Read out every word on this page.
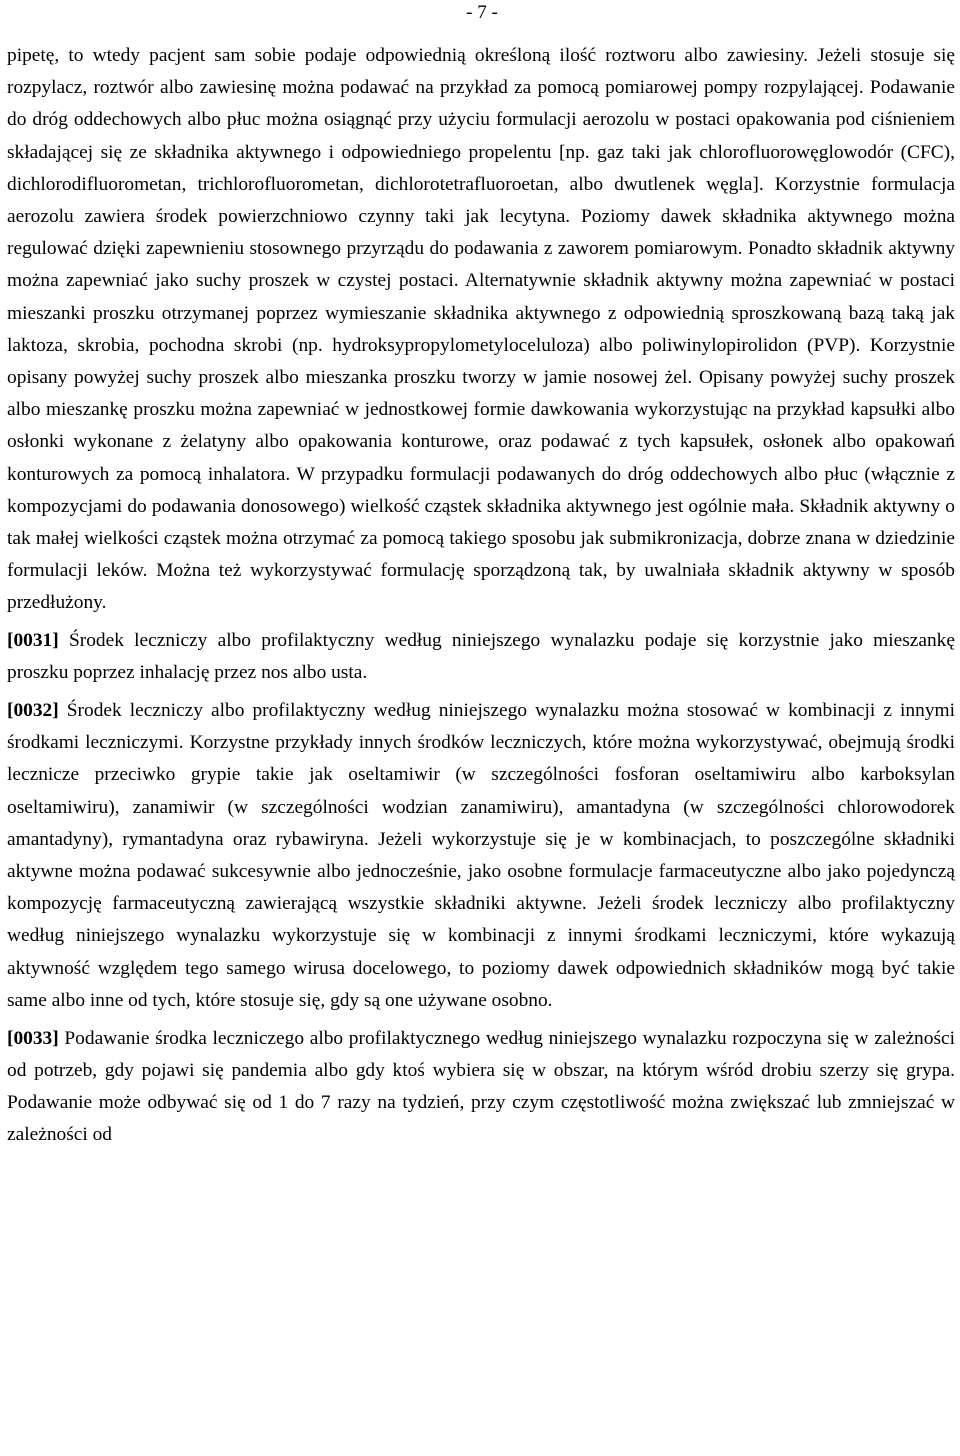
- 7 -

pipetę, to wtedy pacjent sam sobie podaje odpowiednią określoną ilość roztworu albo zawiesiny. Jeżeli stosuje się rozpylacz, roztwór albo zawiesinę można podawać na przykład za pomocą pomiarowej pompy rozpylającej. Podawanie do dróg oddechowych albo płuc można osiągnąć przy użyciu formulacji aerozolu w postaci opakowania pod ciśnieniem składającej się ze składnika aktywnego i odpowiedniego propelentu [np. gaz taki jak chlorofluorowęglowodór (CFC), dichlorodifluorometan, trichlorofluorometan, dichlorotetrafluoroetan, albo dwutlenek węgla]. Korzystnie formulacja aerozolu zawiera środek powierzchniowo czynny taki jak lecytyna. Poziomy dawek składnika aktywnego można regulować dzięki zapewnieniu stosownego przyrządu do podawania z zaworem pomiarowym. Ponadto składnik aktywny można zapewniać jako suchy proszek w czystej postaci. Alternatywnie składnik aktywny można zapewniać w postaci mieszanki proszku otrzymanej poprzez wymieszanie składnika aktywnego z odpowiednią sproszkowaną bazą taką jak laktoza, skrobia, pochodna skrobi (np. hydroksypropylometyloceluloza) albo poliwinylopirolidon (PVP). Korzystnie opisany powyżej suchy proszek albo mieszanka proszku tworzy w jamie nosowej żel. Opisany powyżej suchy proszek albo mieszankę proszku można zapewniać w jednostkowej formie dawkowania wykorzystując na przykład kapsułki albo osłonki wykonane z żelatyny albo opakowania konturowe, oraz podawać z tych kapsułek, osłonek albo opakowań konturowych za pomocą inhalatora. W przypadku formulacji podawanych do dróg oddechowych albo płuc (włącznie z kompozycjami do podawania donosowego) wielkość cząstek składnika aktywnego jest ogólnie mała. Składnik aktywny o tak małej wielkości cząstek można otrzymać za pomocą takiego sposobu jak submikronizacja, dobrze znana w dziedzinie formulacji leków. Można też wykorzystywać formulację sporządzoną tak, by uwalniała składnik aktywny w sposób przedłużony.

[0031] Środek leczniczy albo profilaktyczny według niniejszego wynalazku podaje się korzystnie jako mieszankę proszku poprzez inhalację przez nos albo usta.

[0032] Środek leczniczy albo profilaktyczny według niniejszego wynalazku można stosować w kombinacji z innymi środkami leczniczymi. Korzystne przykłady innych środków leczniczych, które można wykorzystywać, obejmują środki lecznicze przeciwko grypie takie jak oseltamiwir (w szczególności fosforan oseltamiwiru albo karboksylan oseltamiwiru), zanamiwir (w szczególności wodzian zanamiwiru), amantadyna (w szczególności chlorowodorek amantadyny), rymantadyna oraz rybawiryna. Jeżeli wykorzystuje się je w kombinacjach, to poszczególne składniki aktywne można podawać sukcesywnie albo jednocześnie, jako osobne formulacje farmaceutyczne albo jako pojedynczą kompozycję farmaceutyczną zawierającą wszystkie składniki aktywne. Jeżeli środek leczniczy albo profilaktyczny według niniejszego wynalazku wykorzystuje się w kombinacji z innymi środkami leczniczymi, które wykazują aktywność względem tego samego wirusa docelowego, to poziomy dawek odpowiednich składników mogą być takie same albo inne od tych, które stosuje się, gdy są one używane osobno.

[0033] Podawanie środka leczniczego albo profilaktycznego według niniejszego wynalazku rozpoczyna się w zależności od potrzeb, gdy pojawi się pandemia albo gdy ktoś wybiera się w obszar, na którym wśród drobiu szerzy się grypa. Podawanie może odbywać się od 1 do 7 razy na tydzień, przy czym częstotliwość można zwiększać lub zmniejszać w zależności od
